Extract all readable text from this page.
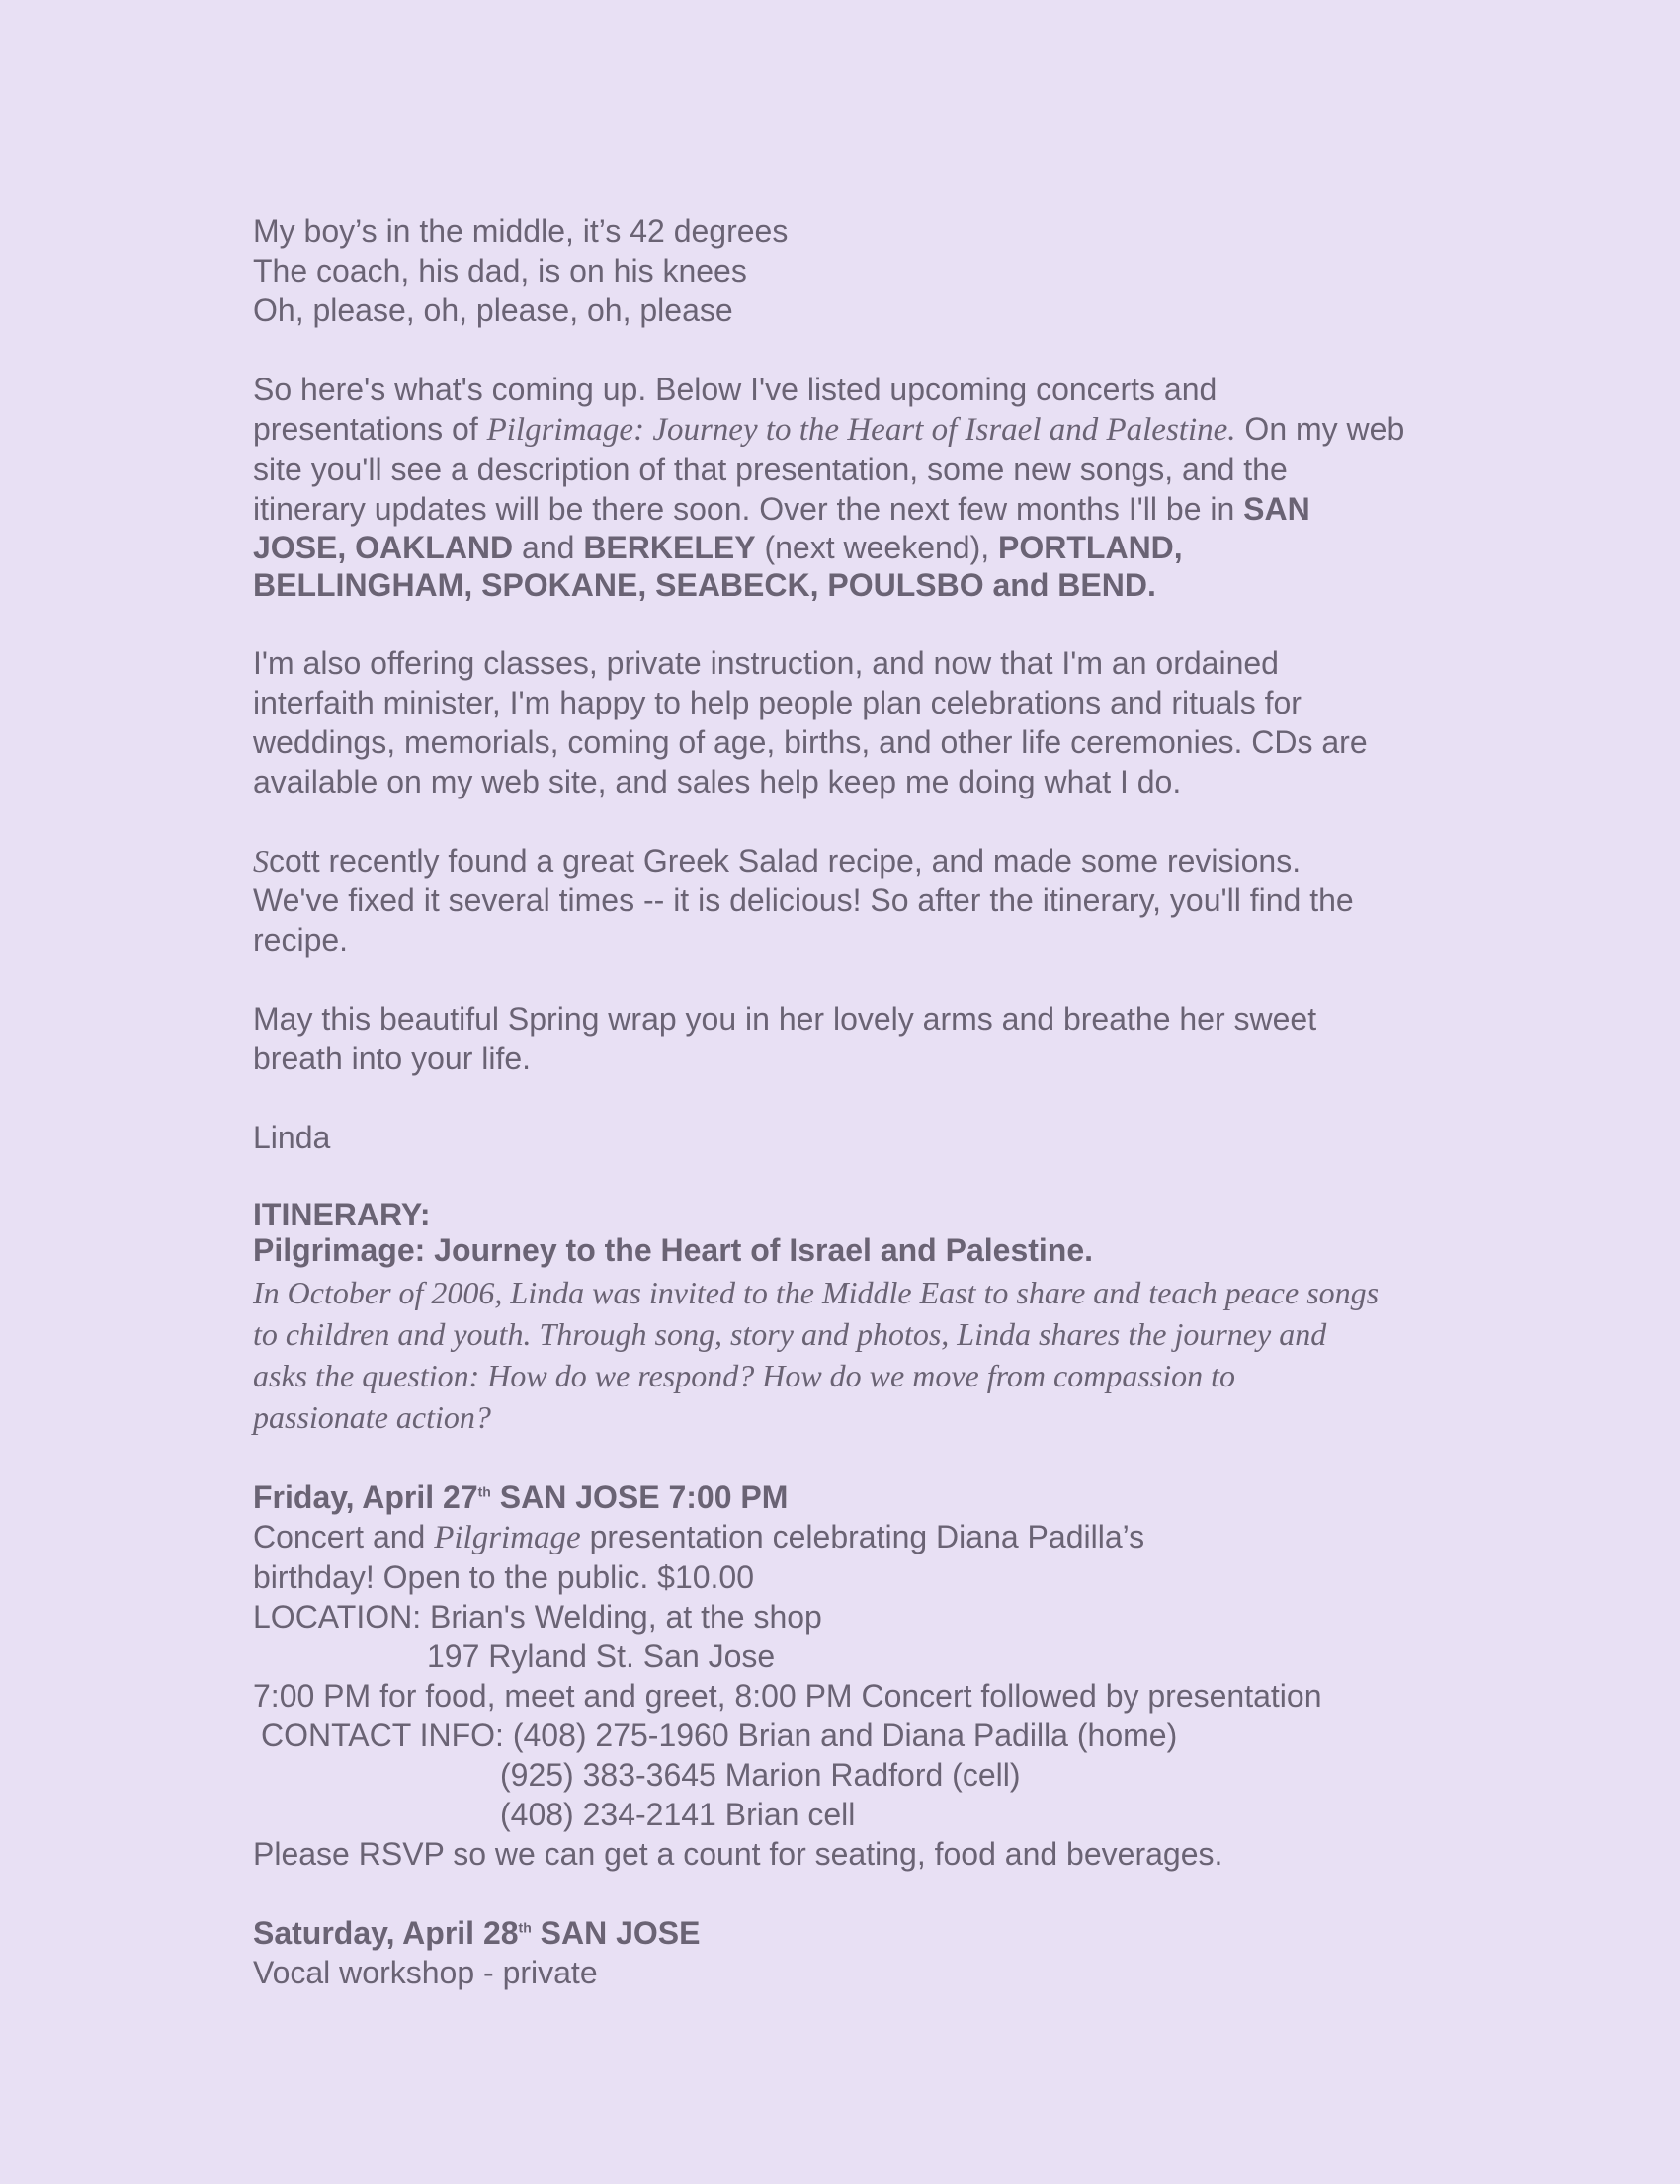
My boy’s in the middle, it’s 42 degrees
The coach, his dad, is on his knees
Oh, please, oh, please, oh, please
So here's what's coming up. Below I've listed upcoming concerts and
presentations of Pilgrimage: Journey to the Heart of Israel and Palestine. On my web
site you'll see a description of that presentation, some new songs, and the
itinerary updates will be there soon. Over the next few months I'll be in SAN
JOSE, OAKLAND and BERKELEY (next weekend), PORTLAND,
BELLINGHAM, SPOKANE, SEABECK, POULSBO and BEND.
I'm also offering classes, private instruction, and now that I'm an ordained
interfaith minister, I'm happy to help people plan celebrations and rituals for
weddings, memorials, coming of age, births, and other life ceremonies. CDs are
available on my web site, and sales help keep me doing what I do.
Scott recently found a great Greek Salad recipe, and made some revisions.
We've fixed it several times -- it is delicious! So after the itinerary, you'll find the
recipe.
May this beautiful Spring wrap you in her lovely arms and breathe her sweet
breath into your life.
Linda
ITINERARY:
Pilgrimage: Journey to the Heart of Israel and Palestine.
In October of 2006, Linda was invited to the Middle East to share and teach peace songs
to children and youth. Through song, story and photos, Linda shares the journey and
asks the question: How do we respond? How do we move from compassion to
passionate action?
Friday, April 27th SAN JOSE 7:00 PM
Concert and Pilgrimage presentation celebrating Diana Padilla’s
birthday! Open to the public. $10.00
LOCATION: Brian's Welding, at the shop
197 Ryland St. San Jose
7:00 PM for food, meet and greet, 8:00 PM Concert followed by presentation
CONTACT INFO: (408) 275-1960 Brian and Diana Padilla (home)
(925) 383-3645 Marion Radford (cell)
(408) 234-2141 Brian cell
Please RSVP so we can get a count for seating, food and beverages.
Saturday, April 28th SAN JOSE
Vocal workshop - private
